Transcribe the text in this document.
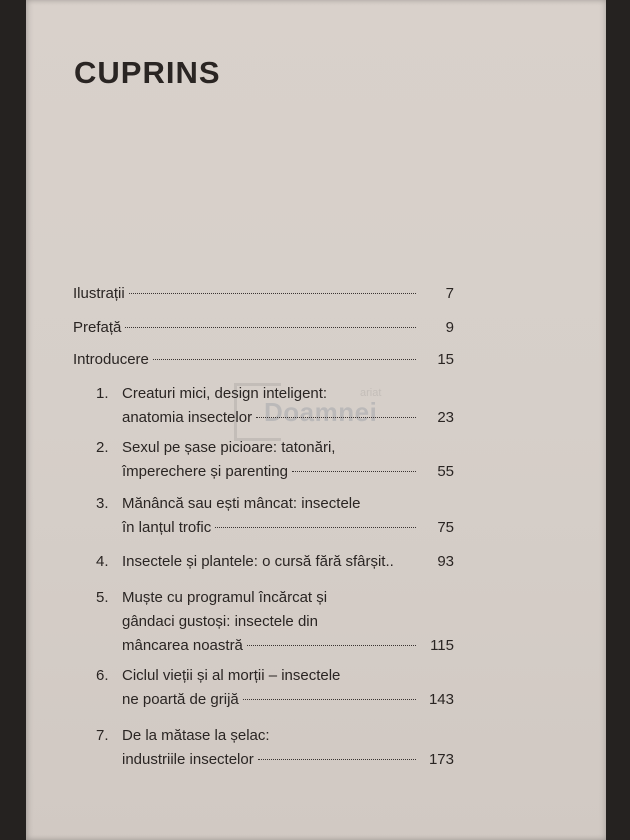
CUPRINS
Doamnei
ariat
Ilustrații	7
Prefață	9
Introducere	15
1. Creaturi mici, design inteligent:
anatomia insectelor	23
2. Sexul pe șase picioare: tatonări,
împerechere și parenting	55
3. Mănâncă sau ești mâncat: insectele
în lanțul trofic	75
4. Insectele și plantele: o cursă fără sfârșit..	93
5. Muște cu programul încărcat și
gândaci gustoși: insectele din
mâncarea noastră	115
6. Ciclul vieții și al morții – insectele
ne poartă de grijă	143
7. De la mătase la șelac:
industriile insectelor	173
